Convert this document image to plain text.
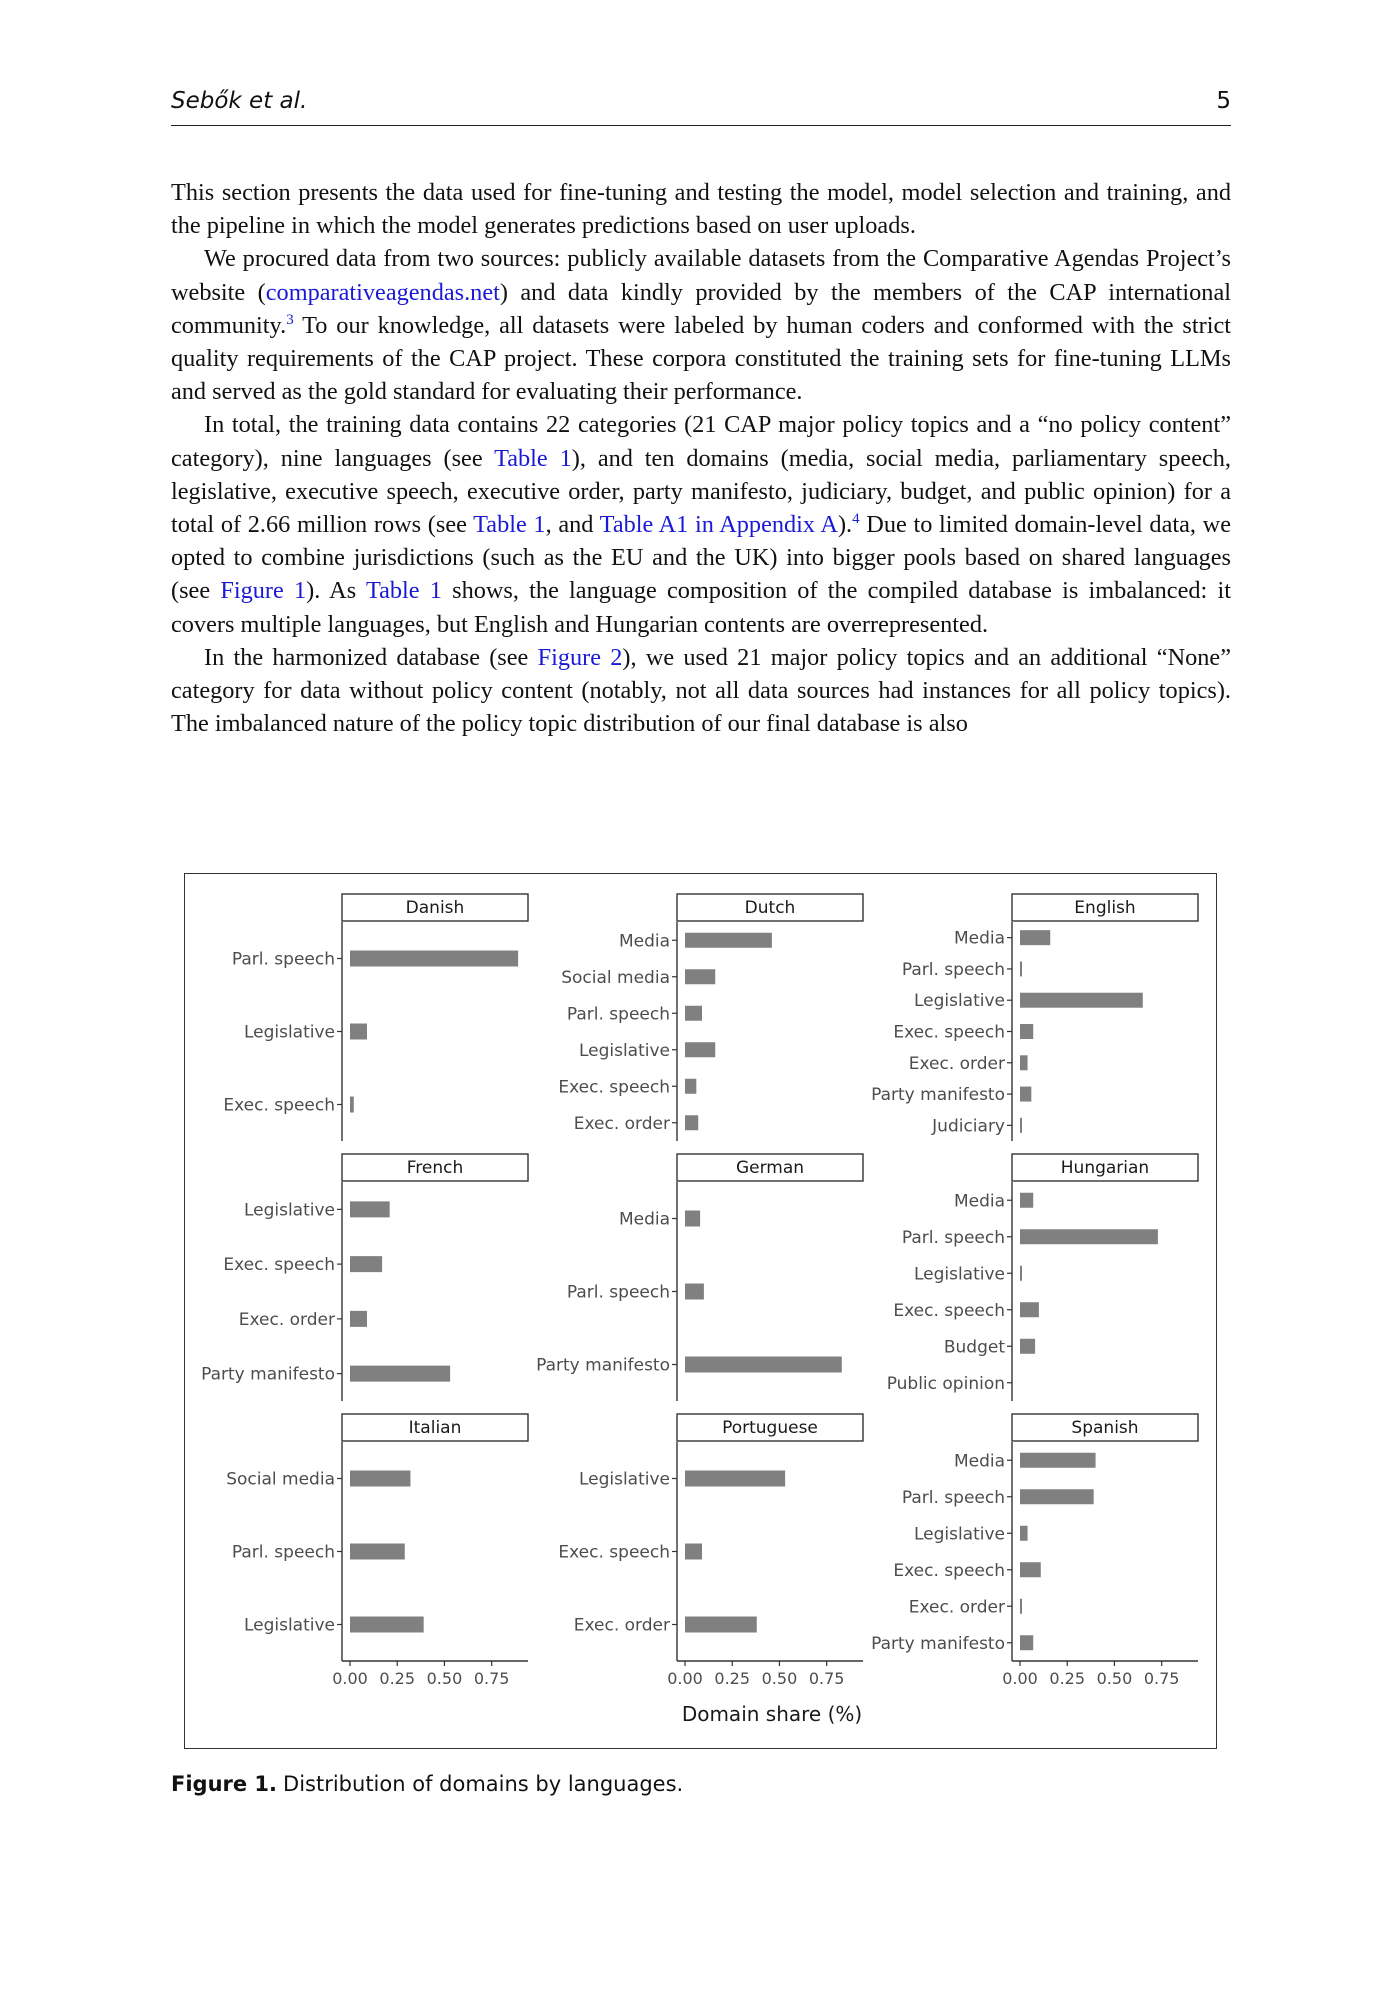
Sebők et al.	5

This section presents the data used for fine-tuning and testing the model, model selection and training, and the pipeline in which the model generates predictions based on user uploads.

We procured data from two sources: publicly available datasets from the Comparative Agendas Project’s website (comparativeagendas.net) and data kindly provided by the members of the CAP international community.$^3$ To our knowledge, all datasets were labeled by human coders and conformed with the strict quality requirements of the CAP project. These corpora constituted the training sets for fine-tuning LLMs and served as the gold standard for evaluating their performance.

In total, the training data contains 22 categories (21 CAP major policy topics and a “no policy content” category), nine languages (see Table 1), and ten domains (media, social media, parliamentary speech, legislative, executive speech, executive order, party manifesto, judiciary, budget, and public opinion) for a total of 2.66 million rows (see Table 1, and Table A1 in Appendix A).$^4$ Due to limited domain-level data, we opted to combine jurisdictions (such as the EU and the UK) into bigger pools based on shared languages (see Figure 1). As Table 1 shows, the language composition of the compiled database is imbalanced: it covers multiple languages, but English and Hungarian contents are overrepresented.

In the harmonized database (see Figure 2), we used 21 major policy topics and an additional “None” category for data without policy content (notably, not all data sources had instances for all policy topics). The imbalanced nature of the policy topic distribution of our final database is also

Danish
Parl. speech
Legislative
Exec. speech
Dutch
Media
Social media
Parl. speech
Legislative
Exec. speech
Exec. order
English
Media
Parl. speech
Legislative
Exec. speech
Exec. order
Party manifesto
Judiciary
French
Legislative
Exec. speech
Exec. order
Party manifesto
German
Media
Parl. speech
Party manifesto
Hungarian
Media
Parl. speech
Legislative
Exec. speech
Budget
Public opinion
Italian
Social media
Parl. speech
Legislative
0.00 0.25 0.50 0.75
Portuguese
Legislative
Exec. speech
Exec. order
0.00 0.25 0.50 0.75
Spanish
Media
Parl. speech
Legislative
Exec. speech
Exec. order
Party manifesto
0.00 0.25 0.50 0.75
Domain share (%)
Figure 1. Distribution of domains by languages.
